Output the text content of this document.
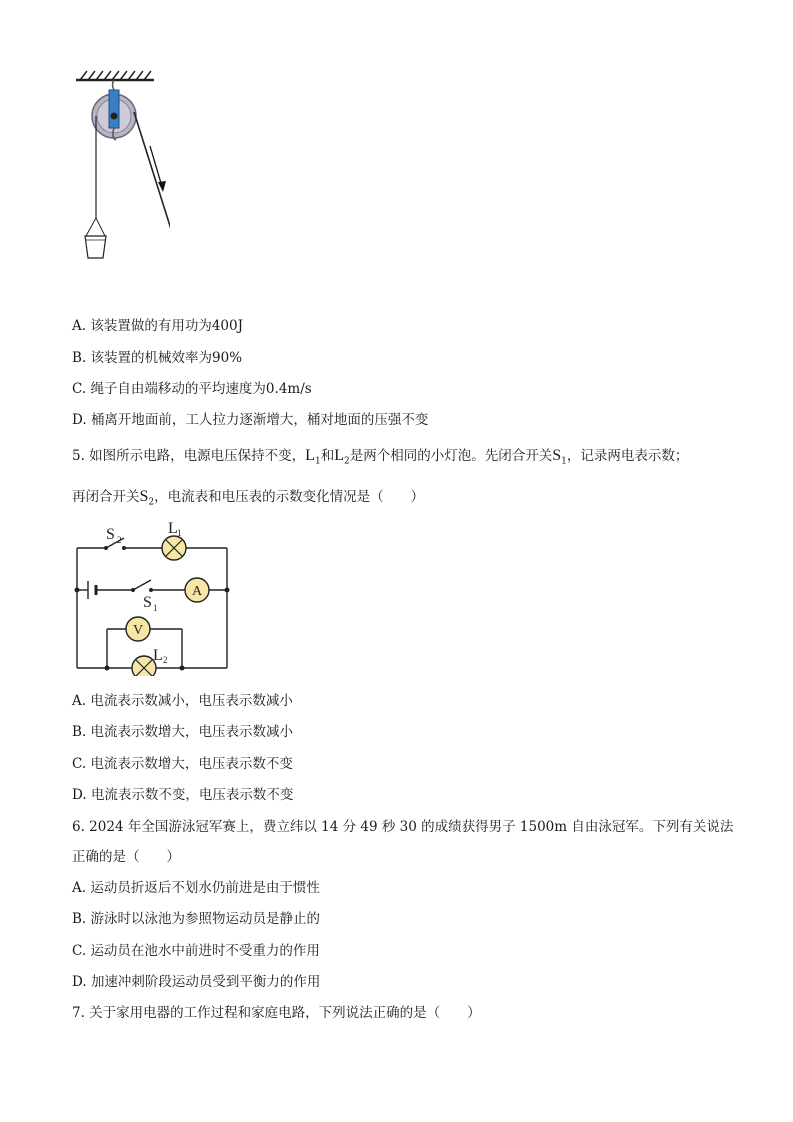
A. 该装置做的有用功为400J
B. 该装置的机械效率为90%
C. 绳子自由端移动的平均速度为0.4m/s
D. 桶离开地面前，工人拉力逐渐增大，桶对地面的压强不变
5. 如图所示电路，电源电压保持不变，$L_1$和$L_2$是两个相同的小灯泡。先闭合开关$S_1$，记录两电表示数；
再闭合开关$S_2$，电流表和电压表的示数变化情况是（　　）
A
V
S 2
L 1
S 1
L 2
A. 电流表示数减小，电压表示数减小
B. 电流表示数增大，电压表示数减小
C. 电流表示数增大，电压表示数不变
D. 电流表示数不变，电压表示数不变
6. 2024 年全国游泳冠军赛上，费立纬以 14 分 49 秒 30 的成绩获得男子 1500m 自由泳冠军。下列有关说法
正确的是（　　）
A. 运动员折返后不划水仍前进是由于惯性
B. 游泳时以泳池为参照物运动员是静止的
C. 运动员在池水中前进时不受重力的作用
D. 加速冲刺阶段运动员受到平衡力的作用
7. 关于家用电器的工作过程和家庭电路，下列说法正确的是（　　）
